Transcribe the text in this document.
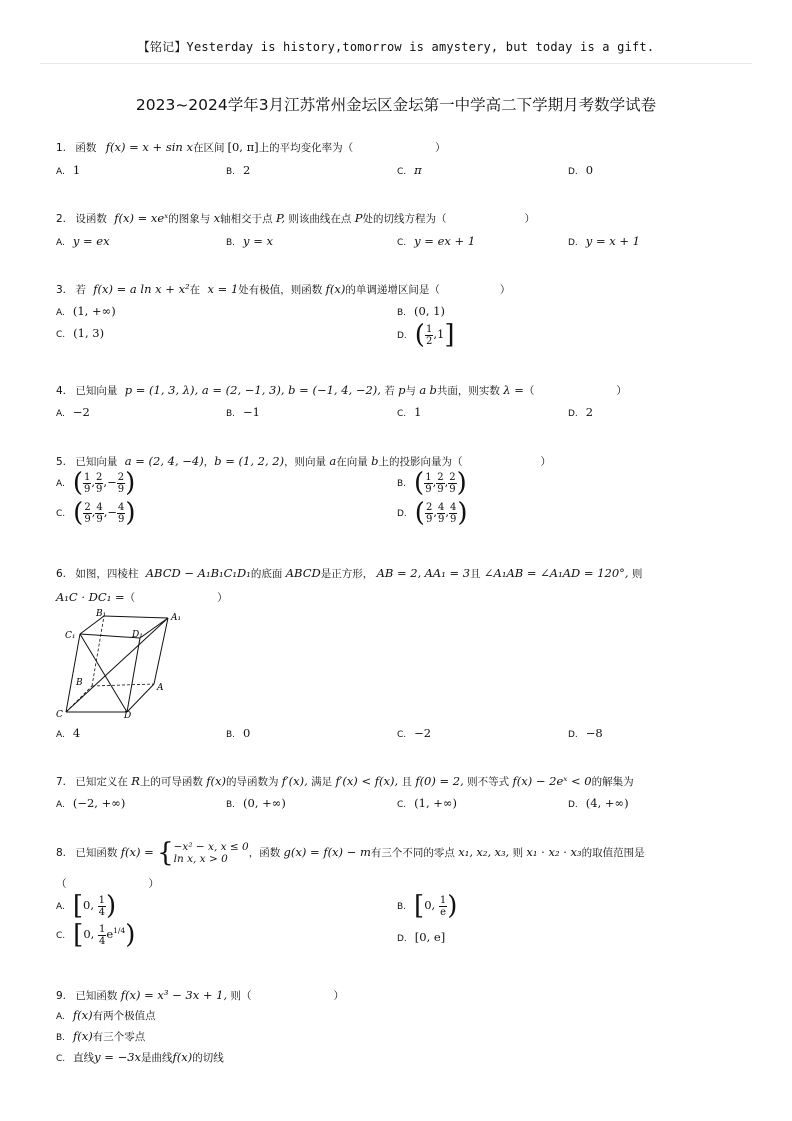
【铭记】Yesterday is history,tomorrow is amystery, but today is a gift.
2023~2024学年3月江苏常州金坛区金坛第一中学高二下学期月考数学试卷
1. 函数 f(x) = x + sin x在区间 [0, π]上的平均变化率为（	）
A. 1	B. 2	C. π	D. 0
2. 设函数 f(x) = xeˣ的图象与 x轴相交于点 P, 则该曲线在点 P处的切线方程为（	）
A. y = ex	B. y = x	C. y = ex + 1	D. y = x + 1
3. 若 f(x) = a ln x + x²在 x = 1处有极值，则函数 f(x)的单调递增区间是（	）
A. (1, +∞)	B. (0, 1)
C. (1, 3)	D. ( $\frac{1}{2} ,1$]
4. 已知向量 p = (1, 3, λ), a = (2, −1, 3), b = (−1, 4, −2), 若 p与 a b共面，则实数 λ =（	）
A. −2	B. −1	C. 1	D. 2
5. 已知向量 a = (2, 4, −4)，b = (1, 2, 2)，则向量 a在向量 b上的投影向量为（	）
A. ( $\frac{1}{9}$ , $\frac{2}{9}$ ,− $\frac{2}{9}$ )	B. ( $\frac{1}{9}$ , $\frac{2}{9}$ , $\frac{2}{9}$ )
C. ( $\frac{2}{9}$ , $\frac{4}{9}$ ,− $\frac{4}{9}$ )	D. ( $\frac{2}{9}$ , $\frac{4}{9}$ , $\frac{4}{9}$ )
6. 如图，四棱柱 ABCD − A₁B₁C₁D₁的底面 ABCD是正方形， AB = 2, AA₁ = 3且 ∠A₁AB = ∠A₁AD = 120°, 则
A₁C · DC₁ =（	）
B₁	A₁
C₁	D₁
B	A
C	D
A. 4	B. 0	C. −2	D. −8
7. 已知定义在 R上的可导函数 f(x)的导函数为 f′(x), 满足 f′(x) < f(x), 且 f(0) = 2, 则不等式 f(x) − 2eˣ < 0的解集为
A. (−2, +∞)	B. (0, +∞)	C. (1, +∞)	D. (4, +∞)
8. 已知函数 f(x) = { −x² − x, x ≤ 0
ln x, x > 0	，函数 g(x) = f(x) − m有三个不同的零点 x₁, x₂, x₃, 则 x₁ · x₂ · x₃的取值范围是
（	）
A. [0, $\frac{1}{4}$ )	B. [0, $\frac{1}{e}$ )
C. [0, $\frac{1}{4} e^{1/4}$)	D. [0, e]
9. 已知函数 f(x) = x³ − 3x + 1, 则（	）
A. f(x)有两个极值点
B. f(x)有三个零点
C. 直线y = −3x是曲线f(x)的切线
